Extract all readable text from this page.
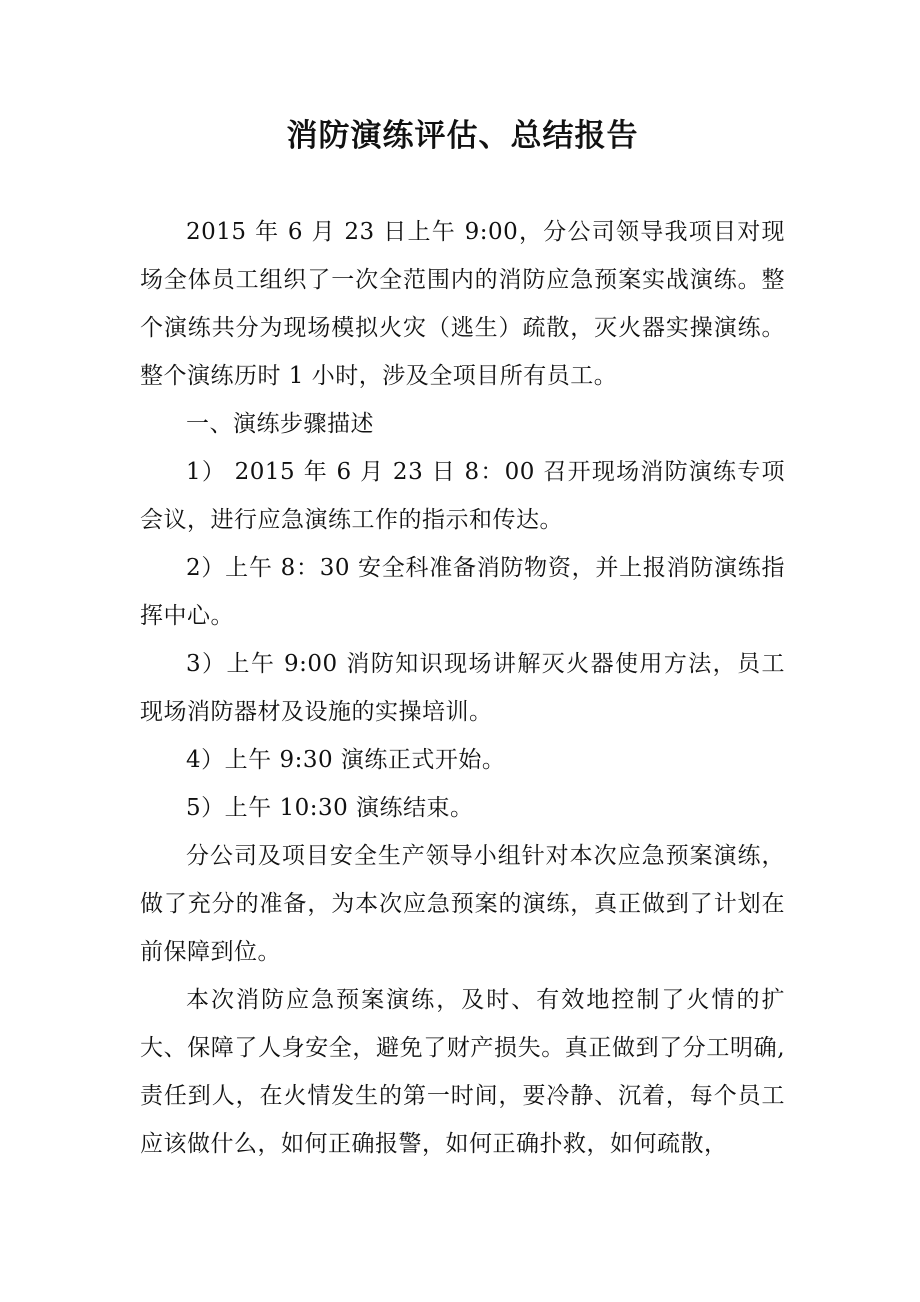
消防演练评估、总结报告

2015 年 6 月 23 日上午 9:00，分公司领导我项目对现场全体员工组织了一次全范围内的消防应急预案实战演练。整个演练共分为现场模拟火灾（逃生）疏散，灭火器实操演练。整个演练历时 1 小时，涉及全项目所有员工。

一、演练步骤描述

1） 2015 年 6 月 23 日 8：00 召开现场消防演练专项会议，进行应急演练工作的指示和传达。

2）上午 8：30 安全科准备消防物资，并上报消防演练指挥中心。

3）上午 9:00 消防知识现场讲解灭火器使用方法，员工现场消防器材及设施的实操培训。

4）上午 9:30 演练正式开始。

5）上午 10:30 演练结束。

分公司及项目安全生产领导小组针对本次应急预案演练，做了充分的准备，为本次应急预案的演练，真正做到了计划在前保障到位。

本次消防应急预案演练，及时、有效地控制了火情的扩大、保障了人身安全，避免了财产损失。真正做到了分工明确,责任到人，在火情发生的第一时间，要冷静、沉着，每个员工应该做什么，如何正确报警，如何正确扑救，如何疏散，
